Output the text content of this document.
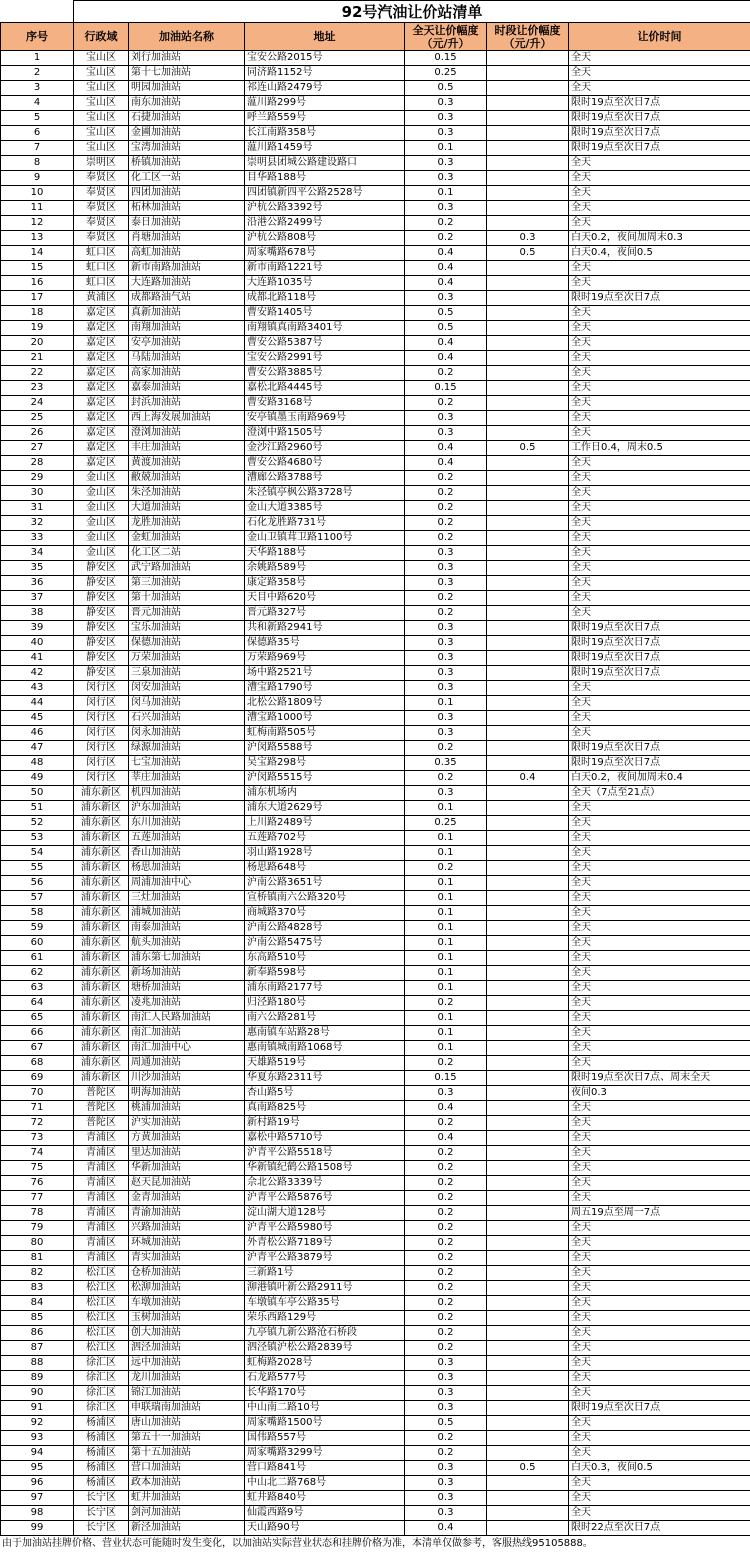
	92号汽油让价站清单					
序号	行政域	加油站名称	地址	全天让价幅度（元/升）	时段让价幅度（元/升）	让价时间
1	宝山区	刘行加油站	宝安公路2015号	0.15		全天
2	宝山区	第十七加油站	同济路1152号	0.25		全天
3	宝山区	明园加油站	祁连山路2479号	0.5		全天
4	宝山区	南东加油站	蕰川路299号	0.3		限时19点至次日7点
5	宝山区	石捷加油站	呼兰路559号	0.3		限时19点至次日7点
6	宝山区	金圃加油站	长江南路358号	0.3		限时19点至次日7点
7	宝山区	宝湾加油站	蕰川路1459号	0.1		限时19点至次日7点
8	崇明区	桥镇加油站	崇明县团城公路建设路口	0.3		全天
9	奉贤区	化工区一站	目华路188号	0.3		全天
10	奉贤区	四团加油站	四团镇新四平公路2528号	0.1		全天
11	奉贤区	柘林加油站	沪杭公路3392号	0.3		全天
12	奉贤区	泰日加油站	沿港公路2499号	0.2		全天
13	奉贤区	肖塘加油站	沪杭公路808号	0.2	0.3	白天0.2，夜间加周末0.3
14	虹口区	高虹加油站	周家嘴路678号	0.4	0.5	白天0.4，夜间0.5
15	虹口区	新市南路加油站	新市南路1221号	0.4		全天
16	虹口区	大连路加油站	大连路1035号	0.4		全天
17	黄浦区	成都路油气站	成都北路118号	0.3		限时19点至次日7点
18	嘉定区	真新加油站	曹安路1405号	0.5		全天
19	嘉定区	南翔加油站	南翔镇真南路3401号	0.5		全天
20	嘉定区	安亭加油站	曹安公路5387号	0.4		全天
21	嘉定区	马陆加油站	宝安公路2991号	0.4		全天
22	嘉定区	高家加油站	曹安公路3885号	0.2		全天
23	嘉定区	嘉泰加油站	嘉松北路4445号	0.15		全天
24	嘉定区	封浜加油站	曹安路3168号	0.2		全天
25	嘉定区	西上海发展加油站	安亭镇墨玉南路969号	0.3		全天
26	嘉定区	澄浏加油站	澄浏中路1505号	0.3		全天
27	嘉定区	丰庄加油站	金沙江路2960号	0.4	0.5	工作日0.4，周末0.5
28	嘉定区	黄渡加油站	曹安公路4680号	0.4		全天
29	金山区	敝兢加油站	漕廊公路3788号	0.2		全天
30	金山区	朱泾加油站	朱泾镇亭枫公路3728号	0.2		全天
31	金山区	大道加油站	金山大道3385号	0.2		全天
32	金山区	龙胜加油站	石化龙胜路731号	0.2		全天
33	金山区	金虹加油站	金山卫镇茸卫路1100号	0.2		全天
34	金山区	化工区二站	天华路188号	0.3		全天
35	静安区	武宁路加油站	余姚路589号	0.3		全天
36	静安区	第三加油站	康定路358号	0.3		全天
37	静安区	第十加油站	天目中路620号	0.2		全天
38	静安区	晋元加油站	晋元路327号	0.2		全天
39	静安区	宝乐加油站	共和新路2941号	0.3		限时19点至次日7点
40	静安区	保德加油站	保德路35号	0.3		限时19点至次日7点
41	静安区	万荣加油站	万荣路969号	0.3		限时19点至次日7点
42	静安区	三泉加油站	场中路2521号	0.3		限时19点至次日7点
43	闵行区	闵安加油站	漕宝路1790号	0.3		全天
44	闵行区	闵马加油站	北松公路1809号	0.1		全天
45	闵行区	石兴加油站	漕宝路1000号	0.3		全天
46	闵行区	闵永加油站	虹梅南路505号	0.3		全天
47	闵行区	绿源加油站	沪闵路5588号	0.2		限时19点至次日7点
48	闵行区	七宝加油站	吴宝路298号	0.35		限时19点至次日7点
49	闵行区	莘庄加油站	沪闵路5515号	0.2	0.4	白天0.2，夜间加周末0.4
50	浦东新区	机四加油站	浦东机场内	0.3		全天（7点至21点）
51	浦东新区	沪东加油站	浦东大道2629号	0.1		全天
52	浦东新区	东川加油站	上川路2489号	0.25		全天
53	浦东新区	五莲加油站	五莲路702号	0.1		全天
54	浦东新区	香山加油站	羽山路1928号	0.1		全天
55	浦东新区	杨思加油站	杨思路648号	0.2		全天
56	浦东新区	周浦加油中心	沪南公路3651号	0.1		全天
57	浦东新区	三灶加油站	宣桥镇南六公路320号	0.1		全天
58	浦东新区	浦城加油站	商城路370号	0.1		全天
59	浦东新区	南泰加油站	沪南公路4828号	0.1		全天
60	浦东新区	航头加油站	沪南公路5475号	0.1		全天
61	浦东新区	浦东第七加油站	东高路510号	0.1		全天
62	浦东新区	新场加油站	新奉路598号	0.1		全天
63	浦东新区	塘桥加油站	浦东南路2177号	0.1		全天
64	浦东新区	凌兆加油站	归泾路180号	0.2		全天
65	浦东新区	南汇人民路加油站	南六公路281号	0.1		全天
66	浦东新区	南汇加油站	惠南镇车站路28号	0.1		全天
67	浦东新区	南汇加油中心	惠南镇城南路1068号	0.1		全天
68	浦东新区	周通加油站	天雄路519号	0.2		全天
69	浦东新区	川沙加油站	华夏东路2311号	0.15		限时19点至次日7点、周末全天
70	普陀区	明海加油站	杏山路5号	0.3		夜间0.3
71	普陀区	桃浦加油站	真南路825号	0.4		全天
72	普陀区	沪实加油站	新村路19号	0.2		全天
73	青浦区	方黄加油站	嘉松中路5710号	0.4		全天
74	青浦区	里达加油站	沪青平公路5518号	0.2		全天
75	青浦区	华新加油站	华新镇纪鹤公路1508号	0.2		全天
76	青浦区	赵天昆加油站	佘北公路3339号	0.2		全天
77	青浦区	金青加油站	沪青平公路5876号	0.2		全天
78	青浦区	青渝加油站	淀山湖大道128号	0.2		周五19点至周一7点
79	青浦区	兴路加油站	沪青平公路5980号	0.2		全天
80	青浦区	环城加油站	外青松公路7189号	0.2		全天
81	青浦区	青实加油站	沪青平公路3879号	0.2		全天
82	松江区	仓桥加油站	三新路1号	0.2		全天
83	松江区	松泖加油站	泖港镇叶新公路2911号	0.2		全天
84	松江区	车墩加油站	车墩镇车亭公路35号	0.2		全天
85	松江区	玉树加油站	荣乐西路129号	0.2		全天
86	松江区	创大加油站	九亭镇九新公路沧石桥段	0.2		全天
87	松江区	泗泾加油站	泗泾镇沪松公路2839号	0.2		全天
88	徐汇区	远中加油站	虹梅路2028号	0.3		全天
89	徐汇区	龙川加油站	石龙路577号	0.3		全天
90	徐汇区	锦江加油站	长华路170号	0.3		全天
91	徐汇区	申联瑞南加油站	中山南二路10号	0.3		限时19点至次日7点
92	杨浦区	唐山加油站	周家嘴路1500号	0.5		全天
93	杨浦区	第五十一加油站	国伟路557号	0.2		全天
94	杨浦区	第十五加油站	周家嘴路3299号	0.2		全天
95	杨浦区	营口加油站	营口路841号	0.3	0.5	白天0.3，夜间0.5
96	杨浦区	政本加油站	中山北二路768号	0.3		全天
97	长宁区	虹井加油站	虹井路840号	0.3		全天
98	长宁区	剑河加油站	仙霞西路9号	0.3		全天
99	长宁区	新泾加油站	天山路90号	0.4		限时22点至次日7点
由于加油站挂牌价格、营业状态可能随时发生变化，以加油站实际营业状态和挂牌价格为准，本清单仅做参考，客服热线95105888。
